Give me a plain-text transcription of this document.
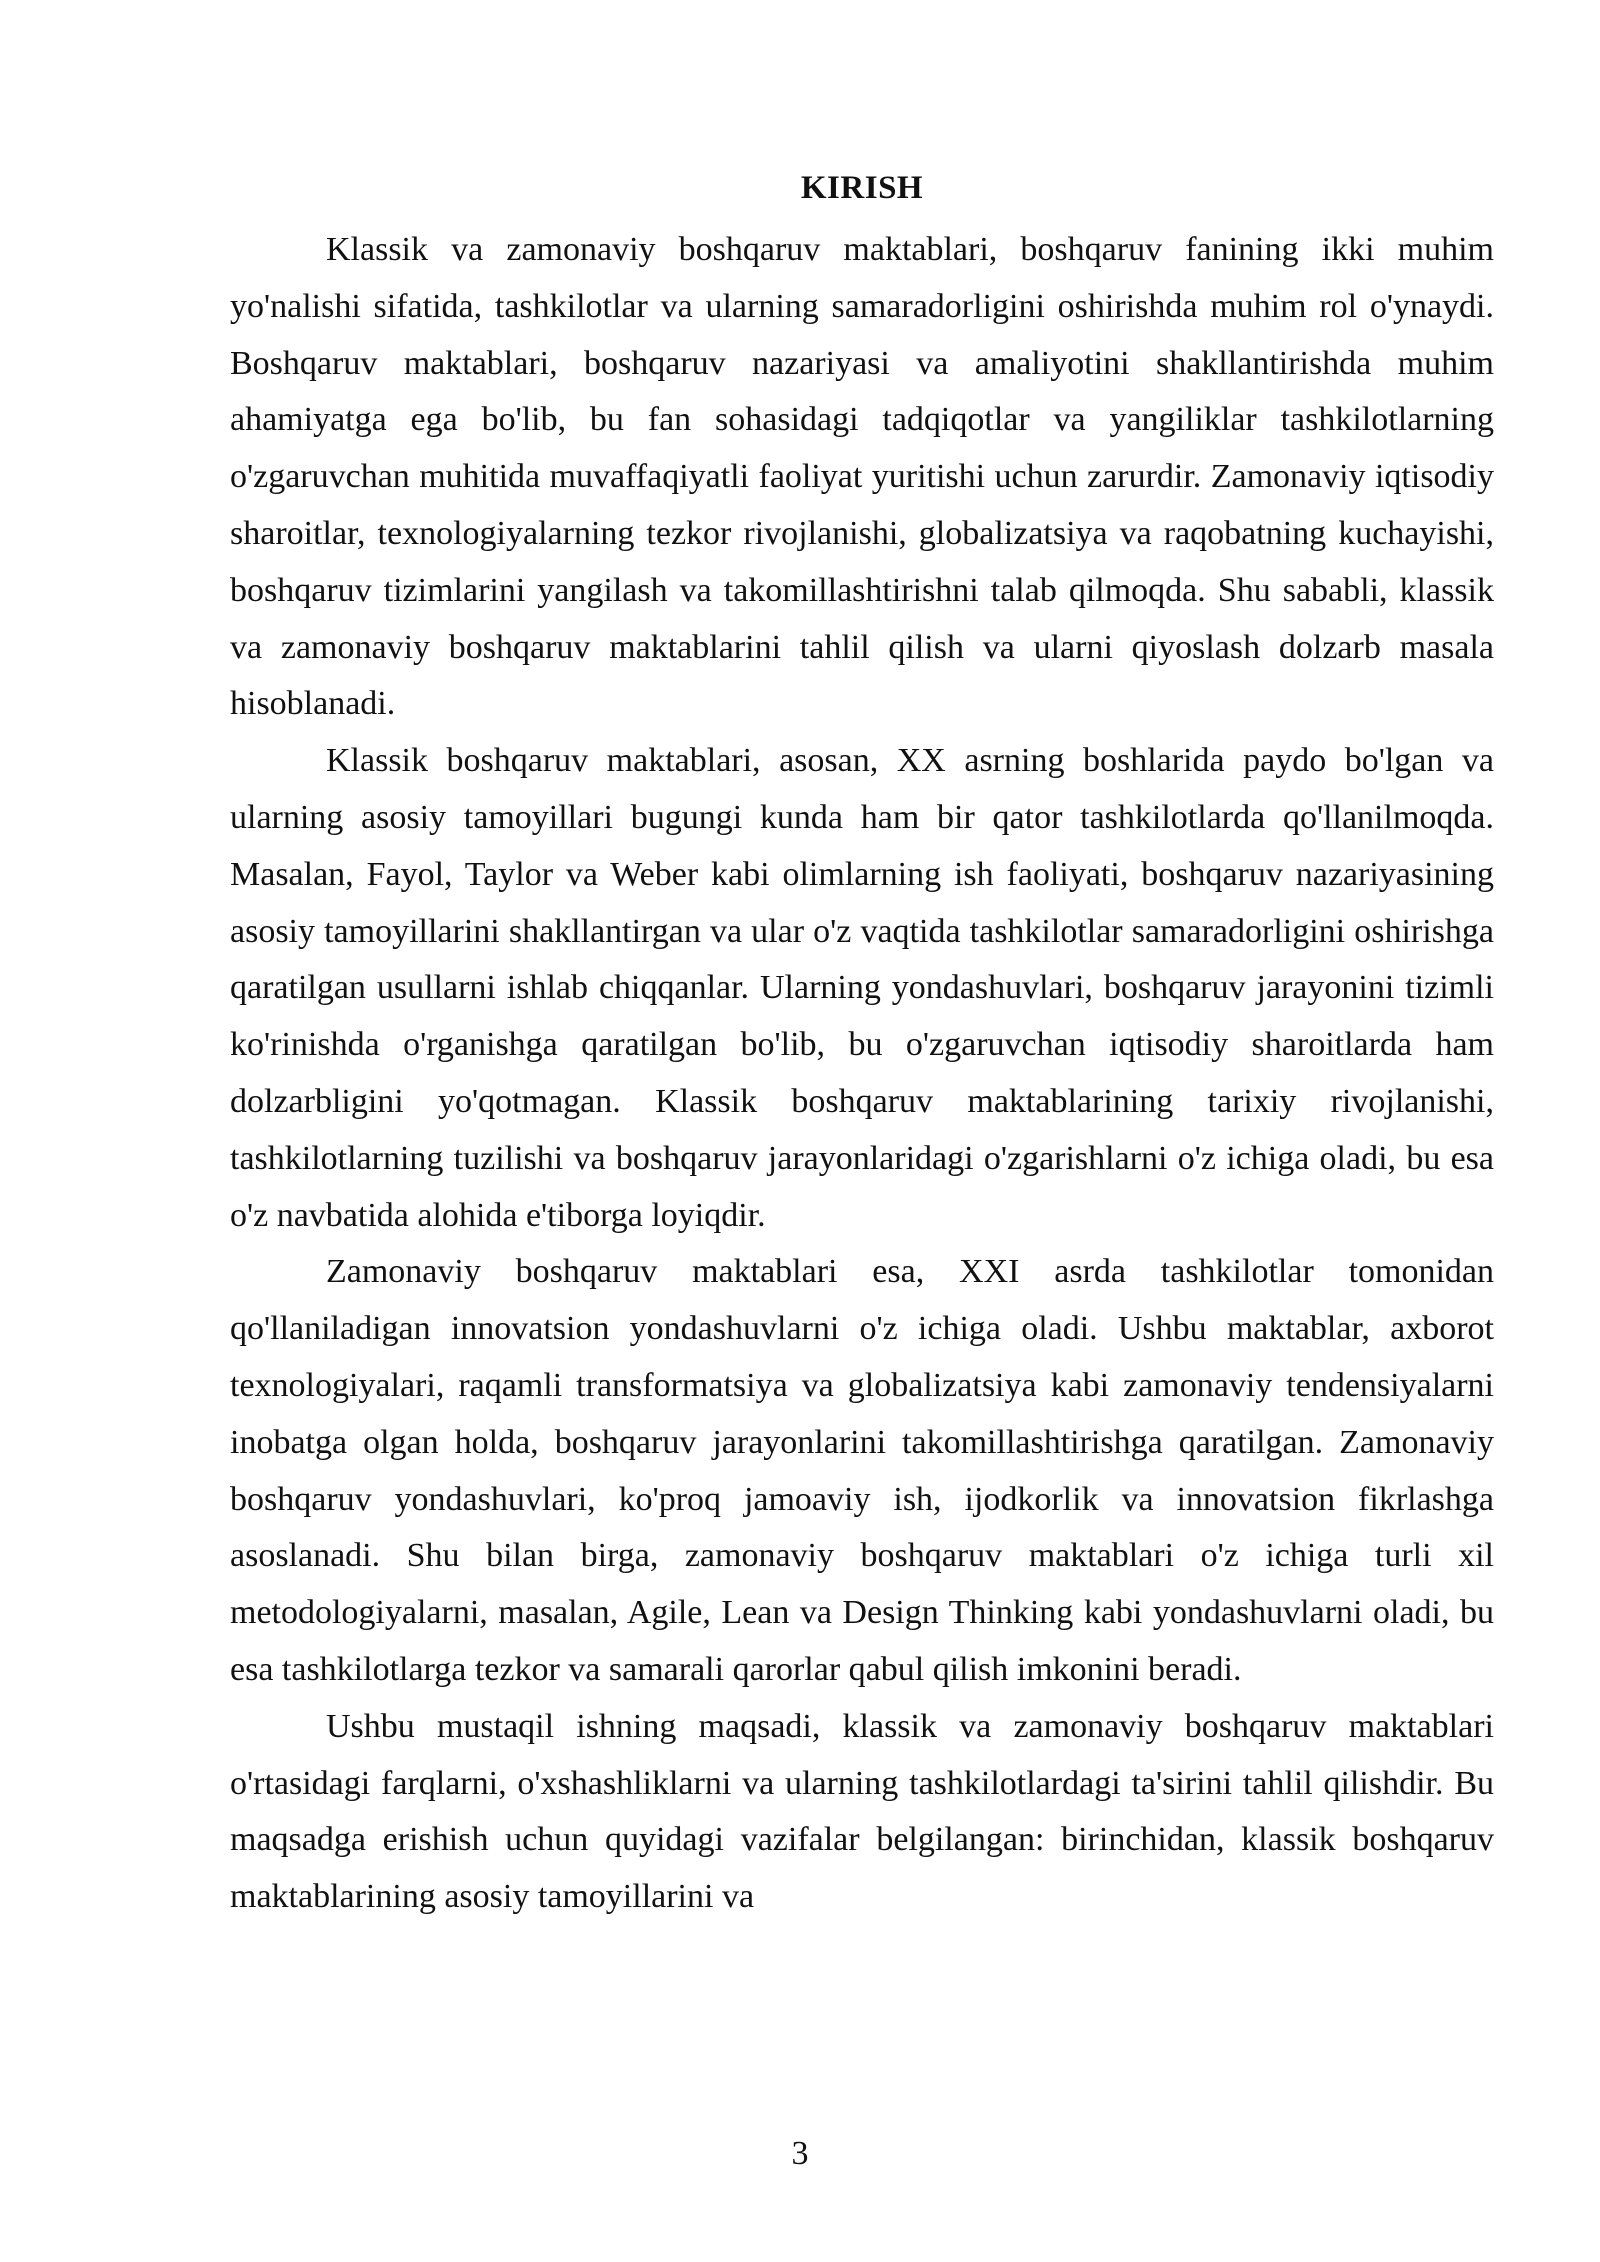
KIRISH

Klassik va zamonaviy boshqaruv maktablari, boshqaruv fanining ikki muhim yo'nalishi sifatida, tashkilotlar va ularning samaradorligini oshirishda muhim rol o'ynaydi. Boshqaruv maktablari, boshqaruv nazariyasi va amaliyotini shakllantirishda muhim ahamiyatga ega bo'lib, bu fan sohasidagi tadqiqotlar va yangiliklar tashkilotlarning o'zgaruvchan muhitida muvaffaqiyatli faoliyat yuritishi uchun zarurdir. Zamonaviy iqtisodiy sharoitlar, texnologiyalarning tezkor rivojlanishi, globalizatsiya va raqobatning kuchayishi, boshqaruv tizimlarini yangilash va takomillashtirishni talab qilmoqda. Shu sababli, klassik va zamonaviy boshqaruv maktablarini tahlil qilish va ularni qiyoslash dolzarb masala hisoblanadi.

Klassik boshqaruv maktablari, asosan, XX asrning boshlarida paydo bo'lgan va ularning asosiy tamoyillari bugungi kunda ham bir qator tashkilotlarda qo'llanilmoqda. Masalan, Fayol, Taylor va Weber kabi olimlarning ish faoliyati, boshqaruv nazariyasining asosiy tamoyillarini shakllantirgan va ular o'z vaqtida tashkilotlar samaradorligini oshirishga qaratilgan usullarni ishlab chiqqanlar. Ularning yondashuvlari, boshqaruv jarayonini tizimli ko'rinishda o'rganishga qaratilgan bo'lib, bu o'zgaruvchan iqtisodiy sharoitlarda ham dolzarbligini yo'qotmagan. Klassik boshqaruv maktablarining tarixiy rivojlanishi, tashkilotlarning tuzilishi va boshqaruv jarayonlaridagi o'zgarishlarni o'z ichiga oladi, bu esa o'z navbatida alohida e'tiborga loyiqdir.

Zamonaviy boshqaruv maktablari esa, XXI asrda tashkilotlar tomonidan qo'llaniladigan innovatsion yondashuvlarni o'z ichiga oladi. Ushbu maktablar, axborot texnologiyalari, raqamli transformatsiya va globalizatsiya kabi zamonaviy tendensiyalarni inobatga olgan holda, boshqaruv jarayonlarini takomillashtirishga qaratilgan. Zamonaviy boshqaruv yondashuvlari, ko'proq jamoaviy ish, ijodkorlik va innovatsion fikrlashga asoslanadi. Shu bilan birga, zamonaviy boshqaruv maktablari o'z ichiga turli xil metodologiyalarni, masalan, Agile, Lean va Design Thinking kabi yondashuvlarni oladi, bu esa tashkilotlarga tezkor va samarali qarorlar qabul qilish imkonini beradi.

Ushbu mustaqil ishning maqsadi, klassik va zamonaviy boshqaruv maktablari o'rtasidagi farqlarni, o'xshashliklarni va ularning tashkilotlardagi ta'sirini tahlil qilishdir. Bu maqsadga erishish uchun quyidagi vazifalar belgilangan: birinchidan, klassik boshqaruv maktablarining asosiy tamoyillarini va

3
